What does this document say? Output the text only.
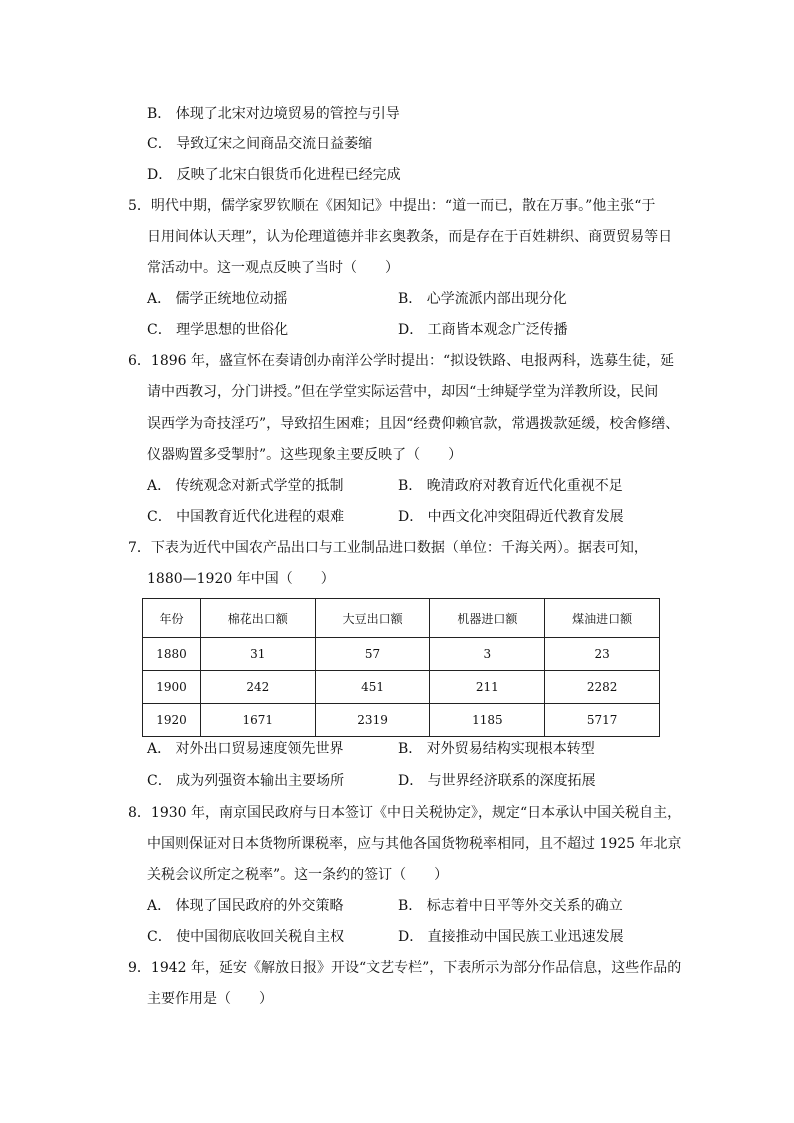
B． 体现了北宋对边境贸易的管控与引导
C． 导致辽宋之间商品交流日益萎缩
D． 反映了北宋白银货币化进程已经完成
5．明代中期，儒学家罗钦顺在《困知记》中提出：“道一而已，散在万事。”他主张“于
日用间体认天理”，认为伦理道德并非玄奥教条，而是存在于百姓耕织、商贾贸易等日
常活动中。这一观点反映了当时（　　）
A． 儒学正统地位动摇	B． 心学流派内部出现分化
C． 理学思想的世俗化	D． 工商皆本观念广泛传播
6．1896 年，盛宣怀在奏请创办南洋公学时提出：“拟设铁路、电报两科，选募生徒，延
请中西教习，分门讲授。”但在学堂实际运营中，却因“士绅疑学堂为洋教所设，民间
误西学为奇技淫巧”，导致招生困难；且因“经费仰赖官款，常遇拨款延缓，校舍修缮、
仪器购置多受掣肘”。这些现象主要反映了（　　）
A． 传统观念对新式学堂的抵制	B． 晚清政府对教育近代化重视不足
C． 中国教育近代化进程的艰难	D． 中西文化冲突阻碍近代教育发展
7．下表为近代中国农产品出口与工业制品进口数据（单位：千海关两）。据表可知，
1880—1920 年中国（　　）
年份	棉花出口额	大豆出口额	机器进口额	煤油进口额
1880	31	57	3	23
1900	242	451	211	2282
1920	1671	2319	1185	5717
A． 对外出口贸易速度领先世界	B． 对外贸易结构实现根本转型
C． 成为列强资本输出主要场所	D． 与世界经济联系的深度拓展
8．1930 年，南京国民政府与日本签订《中日关税协定》，规定“日本承认中国关税自主，
中国则保证对日本货物所课税率，应与其他各国货物税率相同，且不超过 1925 年北京
关税会议所定之税率”。这一条约的签订（　　）
A． 体现了国民政府的外交策略	B． 标志着中日平等外交关系的确立
C． 使中国彻底收回关税自主权	D． 直接推动中国民族工业迅速发展
9．1942 年，延安《解放日报》开设“文艺专栏”，下表所示为部分作品信息，这些作品的
主要作用是（　　）
